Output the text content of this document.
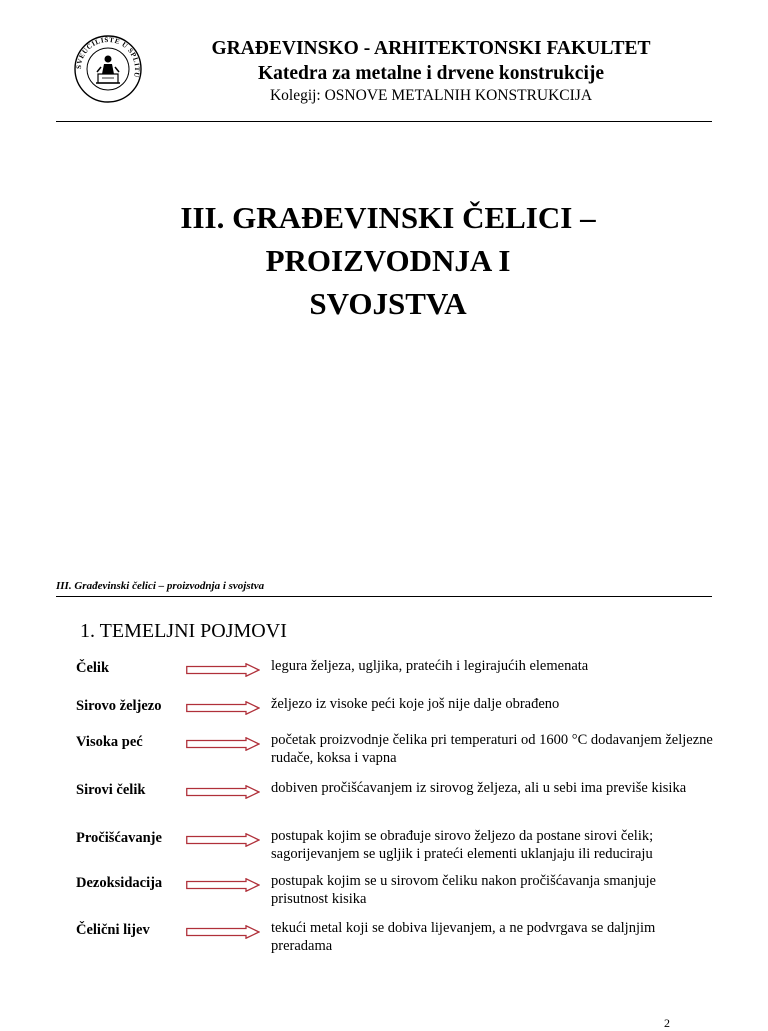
SVEUČILIŠTE U SPLITU
GRAĐEVINSKO - ARHITEKTONSKI FAKULTET
Katedra za metalne i drvene konstrukcije
Kolegij: OSNOVE METALNIH KONSTRUKCIJA
III. GRAĐEVINSKI ČELICI –
PROIZVODNJA I
SVOJSTVA
III. Građevinski čelici – proizvodnja i svojstva
1. TEMELJNI POJMOVI
Čelik	legura željeza, ugljika, pratećih i legirajućih elemenata
Sirovo željezo	željezo iz visoke peći koje još nije dalje obrađeno
Visoka peć	početak proizvodnje čelika pri temperaturi od 1600 °C dodavanjem željezne rudače, koksa i vapna
Sirovi čelik	dobiven pročišćavanjem iz sirovog željeza, ali u sebi ima previše kisika
Pročišćavanje	postupak kojim se obrađuje sirovo željezo da postane sirovi čelik; sagorijevanjem se ugljik i prateći elementi uklanjaju ili reduciraju
Dezoksidacija	postupak kojim se u sirovom čeliku nakon pročišćavanja smanjuje prisutnost kisika
Čelični lijev	tekući metal koji se dobiva lijevanjem, a ne podvrgava se daljnjim preradama
2
